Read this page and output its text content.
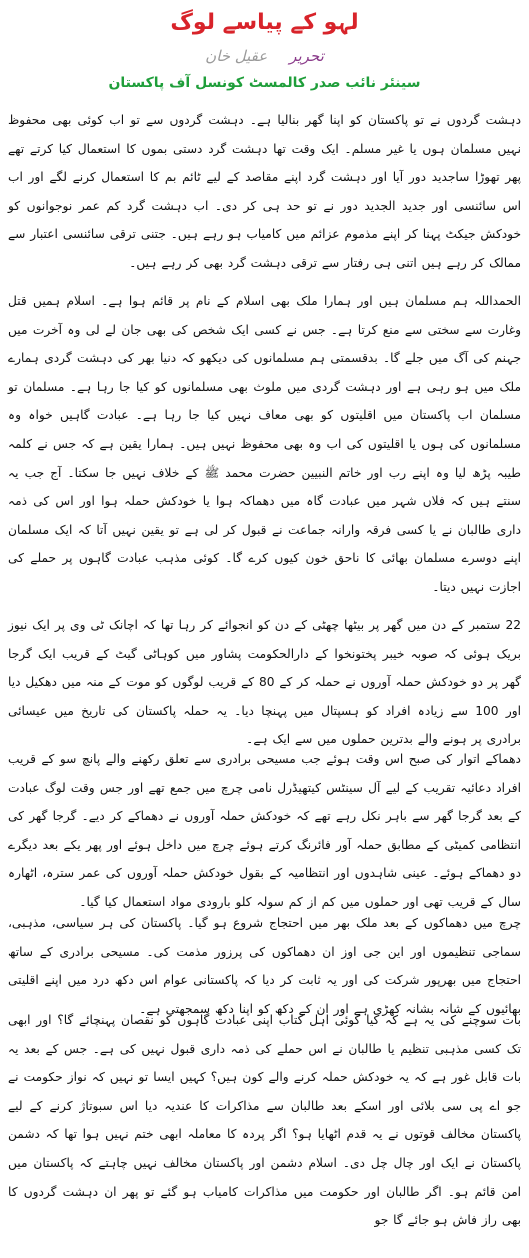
لہو کے پیاسے لوگ
تحریر
عقیل خان
سینئر نائب صدر کالمسٹ کونسل آف پاکستان

دہشت گردوں نے تو پاکستان کو اپنا گھر بنالیا ہے۔ دہشت گردوں سے تو اب کوئی بھی محفوظ نہیں مسلمان ہوں یا غیر مسلم۔ ایک وقت تھا دہشت گرد دستی بموں کا استعمال کیا کرتے تھے پھر تھوڑا ساجدید دور آیا اور دہشت گرد اپنے مقاصد کے لیے ٹائم بم کا استعمال کرنے لگے اور اب اس سائنسی اور جدید الجدید دور نے تو حد ہی کر دی۔ اب دہشت گرد کم عمر نوجوانوں کو خودکش جیکٹ پہنا کر اپنے مذموم عزائم میں کامیاب ہو رہے ہیں۔ جتنی ترقی سائنسی اعتبار سے ممالک کر رہے ہیں اتنی ہی رفتار سے ترقی دہشت گرد بھی کر رہے ہیں۔

الحمداللہ ہم مسلمان ہیں اور ہمارا ملک بھی اسلام کے نام پر قائم ہوا ہے۔ اسلام ہمیں قتل وغارت سے سختی سے منع کرتا ہے۔ جس نے کسی ایک شخص کی بھی جان لے لی وہ آخرت میں جہنم کی آگ میں جلے گا۔ بدقسمتی ہم مسلمانوں کی دیکھو کہ دنیا بھر کی دہشت گردی ہمارے ملک میں ہو رہی ہے اور دہشت گردی میں ملوث بھی مسلمانوں کو کیا جا رہا ہے۔ مسلمان تو مسلمان اب پاکستان میں اقلیتوں کو بھی معاف نہیں کیا جا رہا ہے۔ عبادت گاہیں خواہ وہ مسلمانوں کی ہوں یا اقلیتوں کی اب وہ بھی محفوظ نہیں ہیں۔ ہمارا یقین ہے کہ جس نے کلمہ طیبہ پڑھ لیا وہ اپنے رب اور خاتم النبیین حضرت محمد ﷺ کے خلاف نہیں جا سکتا۔ آج جب یہ سنتے ہیں کہ فلاں شہر میں عبادت گاہ میں دھماکہ ہوا یا خودکش حملہ ہوا اور اس کی ذمہ داری طالبان نے یا کسی فرقہ وارانہ جماعت نے قبول کر لی ہے تو یقین نہیں آتا کہ ایک مسلمان اپنے دوسرے مسلمان بھائی کا ناحق خون کیوں کرے گا۔ کوئی مذہب عبادت گاہوں پر حملے کی اجازت نہیں دیتا۔

22 ستمبر کے دن میں گھر پر بیٹھا چھٹی کے دن کو انجوائے کر رہا تھا کہ اچانک ٹی وی پر ایک نیوز بریک ہوئی کہ صوبہ خیبر پختونخوا کے دارالحکومت پشاور میں کوہاٹی گیٹ کے قریب ایک گرجا گھر پر دو خودکش حملہ آوروں نے حملہ کر کے 80 کے قریب لوگوں کو موت کے منہ میں دھکیل دیا اور 100 سے زیادہ افراد کو ہسپتال میں پہنچا دیا۔ یہ حملہ پاکستان کی تاریخ میں عیسائی برادری پر ہونے والے بدترین حملوں میں سے ایک ہے۔

دھماکے اتوار کی صبح اس وقت ہوئے جب مسیحی برادری سے تعلق رکھنے والے پانچ سو کے قریب افراد دعائیہ تقریب کے لیے آل سینٹس کیتھیڈرل نامی چرچ میں جمع تھے اور جس وقت لوگ عبادت کے بعد گرجا گھر سے باہر نکل رہے تھے کہ خودکش حملہ آوروں نے دھماکے کر دیے۔ گرجا گھر کی انتظامی کمیٹی کے مطابق حملہ آور فائرنگ کرتے ہوئے چرچ میں داخل ہوئے اور پھر یکے بعد دیگرے دو دھماکے ہوئے۔ عینی شاہدوں اور انتظامیہ کے بقول خودکش حملہ آوروں کی عمر سترہ، اٹھارہ سال کے قریب تھی اور حملوں میں کم از کم سولہ کلو بارودی مواد استعمال کیا گیا۔

چرچ میں دھماکوں کے بعد ملک بھر میں احتجاج شروع ہو گیا۔ پاکستان کی ہر سیاسی، مذہبی، سماجی تنظیموں اور این جی اوز ان دھماکوں کی پرزور مذمت کی۔ مسیحی برادری کے ساتھ احتجاج میں بھرپور شرکت کی اور یہ ثابت کر دیا کہ پاکستانی عوام اس دکھ درد میں اپنے اقلیتی بھائیوں کے شانہ بشانہ کھڑی ہے اور ان کے دکھ کو اپنا دکھ سمجھتی ہے۔

بات سوچنے کی یہ ہے کہ کیا کوئی اہل کتاب اپنی عبادت گاہوں کو نقصان پہنچائے گا؟ اور ابھی تک کسی مذہبی تنظیم یا طالبان نے اس حملے کی ذمہ داری قبول نہیں کی ہے۔ جس کے بعد یہ بات قابل غور ہے کہ یہ خودکش حملہ کرنے والے کون ہیں؟ کہیں ایسا تو نہیں کہ نواز حکومت نے جو اے پی سی بلائی اور اسکے بعد طالبان سے مذاکرات کا عندیہ دیا اس سبوتاژ کرنے کے لیے پاکستان مخالف قوتوں نے یہ قدم اٹھایا ہو؟ اگر پردہ کا معاملہ ابھی ختم نہیں ہوا تھا کہ دشمن پاکستان نے ایک اور چال چل دی۔ اسلام دشمن اور پاکستان مخالف نہیں چاہتے کہ پاکستان میں امن قائم ہو۔ اگر طالبان اور حکومت میں مذاکرات کامیاب ہو گئے تو پھر ان دہشت گردوں کا بھی راز فاش ہو جائے گا جو
